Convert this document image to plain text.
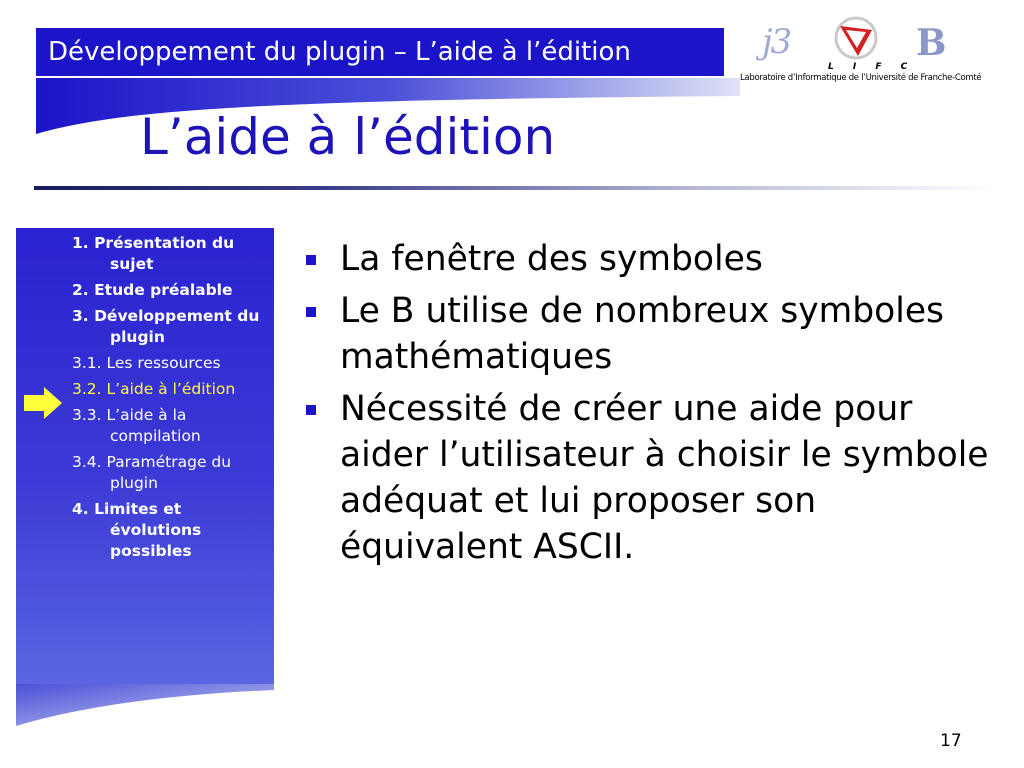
Développement du plugin – L’aide à l’édition	j3
L I F C
B
Laboratoire d’Informatique de l’Université de Franche-Comté
L’aide à l’édition
1. Présentation du sujet
2. Etude préalable
3. Développement du plugin
3.1. Les ressources
3.2. L’aide à l’édition
3.3. L’aide à la compilation
3.4. Paramétrage du plugin
4. Limites et évolutions possibles
La fenêtre des symboles
Le B utilise de nombreux symboles mathématiques
Nécessité de créer une aide pour aider l’utilisateur à choisir le symbole adéquat et lui proposer son équivalent ASCII.
17
